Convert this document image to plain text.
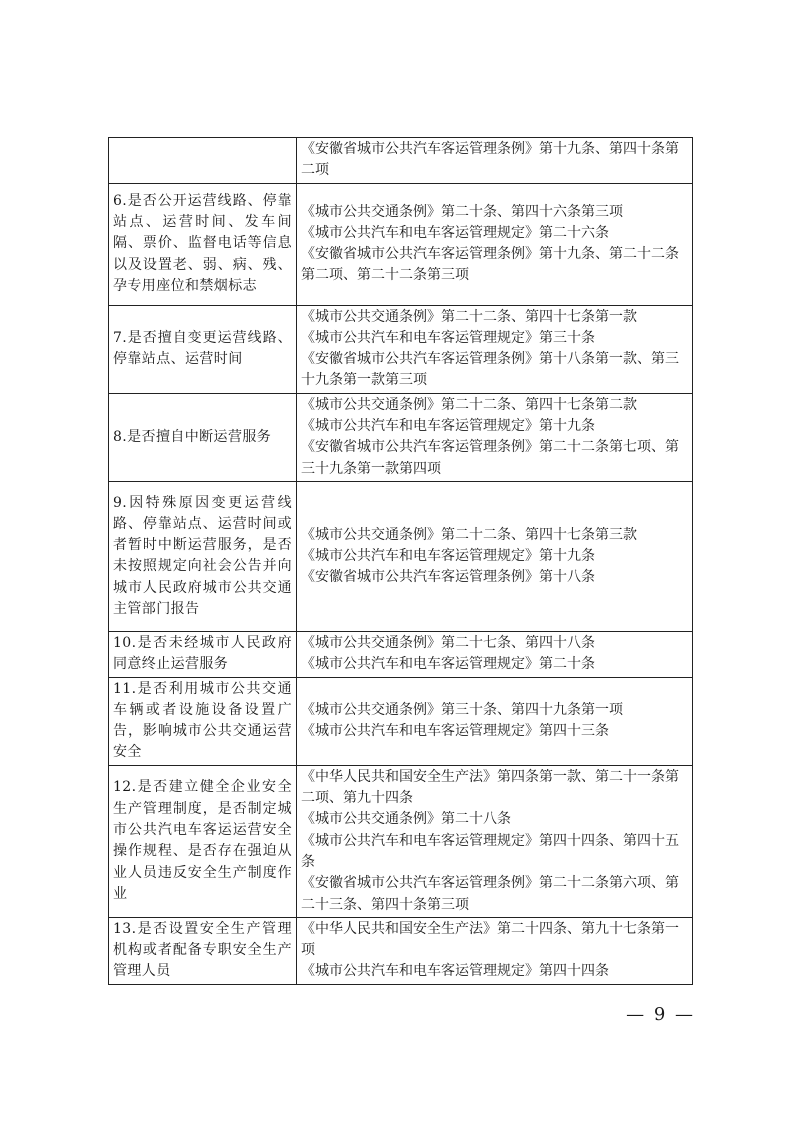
	《安徽省城市公共汽车客运管理条例》第十九条、第四十条第二项

6.是否公开运营线路、停靠站点、运营时间、发车间隔、票价、监督电话等信息以及设置老、弱、病、残、孕专用座位和禁烟标志	《城市公共交通条例》第二十条、第四十六条第三项
《城市公共汽车和电车客运管理规定》第二十六条
《安徽省城市公共汽车客运管理条例》第十九条、第二十二条第二项、第二十二条第三项

7.是否擅自变更运营线路、停靠站点、运营时间	《城市公共交通条例》第二十二条、第四十七条第一款
《城市公共汽车和电车客运管理规定》第三十条
《安徽省城市公共汽车客运管理条例》第十八条第一款、第三十九条第一款第三项

8.是否擅自中断运营服务	《城市公共交通条例》第二十二条、第四十七条第二款
《城市公共汽车和电车客运管理规定》第十九条
《安徽省城市公共汽车客运管理条例》第二十二条第七项、第三十九条第一款第四项

9.因特殊原因变更运营线路、停靠站点、运营时间或者暂时中断运营服务，是否未按照规定向社会公告并向城市人民政府城市公共交通主管部门报告	《城市公共交通条例》第二十二条、第四十七条第三款
《城市公共汽车和电车客运管理规定》第十九条
《安徽省城市公共汽车客运管理条例》第十八条

10.是否未经城市人民政府同意终止运营服务	《城市公共交通条例》第二十七条、第四十八条
《城市公共汽车和电车客运管理规定》第二十条

11.是否利用城市公共交通车辆或者设施设备设置广告，影响城市公共交通运营安全	《城市公共交通条例》第三十条、第四十九条第一项
《城市公共汽车和电车客运管理规定》第四十三条

12.是否建立健全企业安全生产管理制度，是否制定城市公共汽电车客运运营安全操作规程、是否存在强迫从业人员违反安全生产制度作业	《中华人民共和国安全生产法》第四条第一款、第二十一条第二项、第九十四条
《城市公共交通条例》第二十八条
《城市公共汽车和电车客运管理规定》第四十四条、第四十五条
《安徽省城市公共汽车客运管理条例》第二十二条第六项、第二十三条、第四十条第三项

13.是否设置安全生产管理机构或者配备专职安全生产管理人员	《中华人民共和国安全生产法》第二十四条、第九十七条第一项
《城市公共汽车和电车客运管理规定》第四十四条
— 9 —
